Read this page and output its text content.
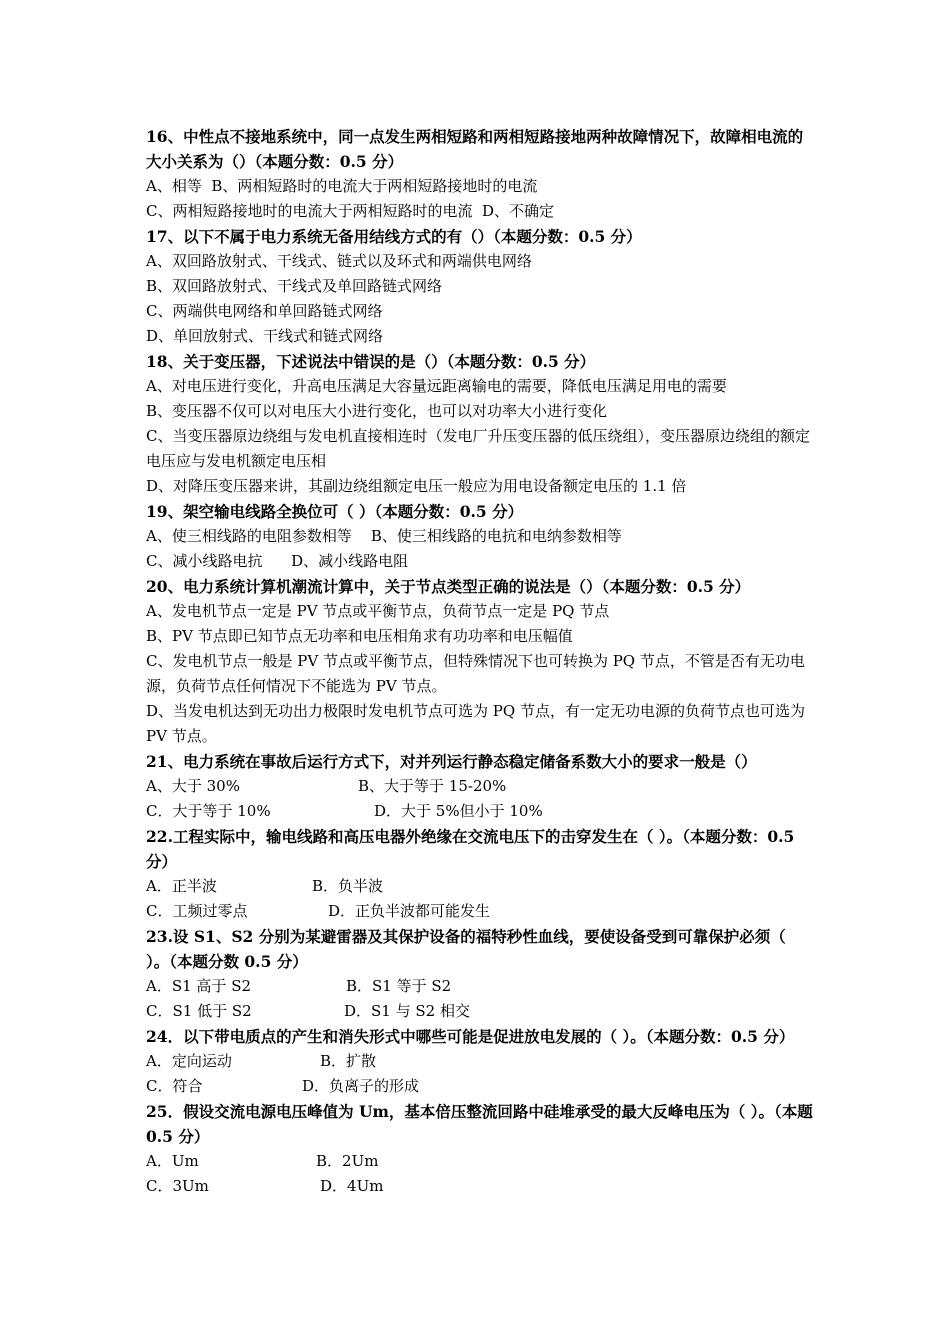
16、中性点不接地系统中，同一点发生两相短路和两相短路接地两种故障情况下，故障相电流的大小关系为（）（本题分数：0.5 分）

A、相等  B、两相短路时的电流大于两相短路接地时的电流

C、两相短路接地时的电流大于两相短路时的电流  D、不确定

17、以下不属于电力系统无备用结线方式的有（）（本题分数：0.5 分）

A、双回路放射式、干线式、链式以及环式和两端供电网络

B、双回路放射式、干线式及单回路链式网络

C、两端供电网络和单回路链式网络

D、单回放射式、干线式和链式网络

18、关于变压器，下述说法中错误的是（）（本题分数：0.5 分）

A、对电压进行变化，升高电压满足大容量远距离输电的需要，降低电压满足用电的需要

B、变压器不仅可以对电压大小进行变化，也可以对功率大小进行变化

C、当变压器原边绕组与发电机直接相连时（发电厂升压变压器的低压绕组），变压器原边绕组的额定电压应与发电机额定电压相

D、对降压变压器来讲，其副边绕组额定电压一般应为用电设备额定电压的 1.1 倍

19、架空输电线路全换位可（ ）（本题分数：0.5 分）

A、使三相线路的电阻参数相等    B、使三相线路的电抗和电纳参数相等

C、减小线路电抗      D、减小线路电阻

20、电力系统计算机潮流计算中，关于节点类型正确的说法是（）（本题分数：0.5 分）

A、发电机节点一定是 PV 节点或平衡节点，负荷节点一定是 PQ 节点

B、PV 节点即已知节点无功率和电压相角求有功功率和电压幅值

C、发电机节点一般是 PV 节点或平衡节点，但特殊情况下也可转换为 PQ 节点，不管是否有无功电源，负荷节点任何情况下不能选为 PV 节点。

D、当发电机达到无功出力极限时发电机节点可选为 PQ 节点，有一定无功电源的负荷节点也可选为 PV 节点。

21、电力系统在事故后运行方式下，对并列运行静态稳定储备系数大小的要求一般是（）

A、大于 30%	B、大于等于 15-20%
C．大于等于 10%	D．大于 5%但小于 10%

22.工程实际中，输电线路和高压电器外绝缘在交流电压下的击穿发生在（ ）。（本题分数：0.5 分）

A．正半波	B．负半波
C．工频过零点	D．正负半波都可能发生

23.设 S1、S2 分别为某避雷器及其保护设备的福特秒性血线，要使设备受到可靠保护必须（ ）。（本题分数 0.5 分）

A．S1 高于 S2	B．S1 等于 S2
C．S1 低于 S2	D．S1 与 S2 相交

24．以下带电质点的产生和消失形式中哪些可能是促进放电发展的（ ）。（本题分数：0.5 分）

A．定向运动	B．扩散
C．符合	D．负离子的形成

25．假设交流电源电压峰值为 Um，基本倍压整流回路中硅堆承受的最大反峰电压为（ ）。（本题 0.5 分）

A．Um	B．2Um
C．3Um	D．4Um
